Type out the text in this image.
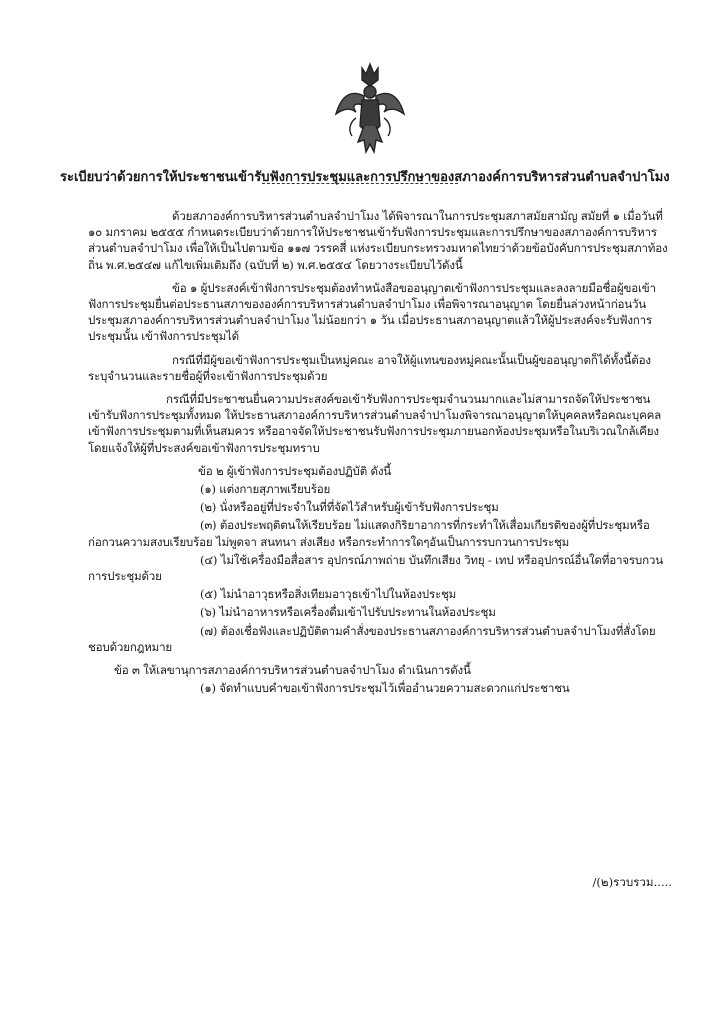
ระเบียบว่าด้วยการให้ประชาชนเข้ารับฟังการประชุมและการปรึกษาของสภาองค์การบริหารส่วนตำบลจำปาโมง

ด้วยสภาองค์การบริหารส่วนตำบลจำปาโมง ได้พิจารณาในการประชุมสภาสมัยสามัญ สมัยที่ ๑ เมื่อวันที่ ๑๐ มกราคม ๒๕๕๕ กำหนดระเบียบว่าด้วยการให้ประชาชนเข้ารับฟังการประชุมและการปรึกษาของสภาองค์การบริหารส่วนตำบลจำปาโมง เพื่อให้เป็นไปตามข้อ ๑๑๗ วรรคสี่ แห่งระเบียบกระทรวงมหาดไทยว่าด้วยข้อบังคับการประชุมสภาท้องถิ่น พ.ศ.๒๕๔๗ แก้ไขเพิ่มเติมถึง (ฉบับที่ ๒) พ.ศ.๒๕๕๔ โดยวางระเบียบไว้ดังนี้

ข้อ ๑ ผู้ประสงค์เข้าฟังการประชุมต้องทำหนังสือขออนุญาตเข้าฟังการประชุมและลงลายมือชื่อผู้ขอเข้าฟังการประชุมยื่นต่อประธานสภาขององค์การบริหารส่วนตำบลจำปาโมง เพื่อพิจารณาอนุญาต โดยยื่นล่วงหน้าก่อนวันประชุมสภาองค์การบริหารส่วนตำบลจำปาโมง ไม่น้อยกว่า ๑ วัน เมื่อประธานสภาอนุญาตแล้วให้ผู้ประสงค์จะรับฟังการประชุมนั้น เข้าฟังการประชุมได้

กรณีที่มีผู้ขอเข้าฟังการประชุมเป็นหมู่คณะ อาจให้ผู้แทนของหมู่คณะนั้นเป็นผู้ขออนุญาตก็ได้ทั้งนี้ต้องระบุจำนวนและรายชื่อผู้ที่จะเข้าฟังการประชุมด้วย

กรณีที่มีประชาชนยื่นความประสงค์ขอเข้ารับฟังการประชุมจำนวนมากและไม่สามารถจัดให้ประชาชนเข้ารับฟังการประชุมทั้งหมด ให้ประธานสภาองค์การบริหารส่วนตำบลจำปาโมงพิจารณาอนุญาตให้บุคคลหรือคณะบุคคลเข้าฟังการประชุมตามที่เห็นสมควร หรืออาจจัดให้ประชาชนรับฟังการประชุมภายนอกห้องประชุมหรือในบริเวณใกล้เคียงโดยแจ้งให้ผู้ที่ประสงค์ขอเข้าฟังการประชุมทราบ

ข้อ ๒ ผู้เข้าฟังการประชุมต้องปฏิบัติ ดังนี้

(๑) แต่งกายสุภาพเรียบร้อย

(๒) นั่งหรืออยู่ที่ประจำในที่ที่จัดไว้สำหรับผู้เข้ารับฟังการประชุม

(๓) ต้องประพฤติตนให้เรียบร้อย ไม่แสดงกิริยาอาการที่กระทำให้เสื่อมเกียรติของผู้ที่ประชุมหรือก่อกวนความสงบเรียบร้อย ไม่พูดจา สนทนา ส่งเสียง หรือกระทำการใดๆอันเป็นการรบกวนการประชุม

(๔) ไม่ใช้เครื่องมือสื่อสาร อุปกรณ์ภาพถ่าย บันทึกเสียง วิทยุ - เทป หรืออุปกรณ์อื่นใดที่อาจรบกวนการประชุมด้วย

(๕) ไม่นำอาวุธหรือสิ่งเทียมอาวุธเข้าไปในห้องประชุม

(๖) ไม่นำอาหารหรือเครื่องดื่มเข้าไปรับประทานในห้องประชุม

(๗) ต้องเชื่อฟังและปฏิบัติตามคำสั่งของประธานสภาองค์การบริหารส่วนตำบลจำปาโมงที่สั่งโดยชอบด้วยกฎหมาย

ข้อ ๓ ให้เลขานุการสภาองค์การบริหารส่วนตำบลจำปาโมง ดำเนินการดังนี้

(๑) จัดทำแบบคำขอเข้าฟังการประชุมไว้เพื่ออำนวยความสะดวกแก่ประชาชน

/(๒)รวบรวม.....
